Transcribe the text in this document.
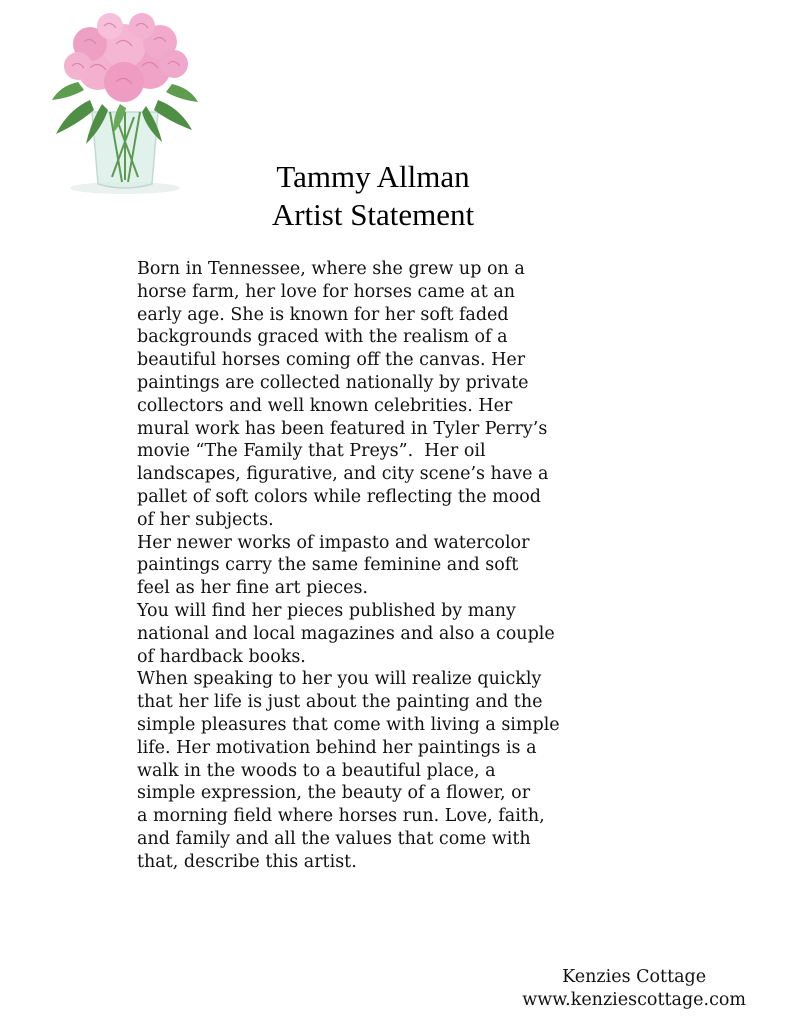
Tammy Allman
Artist Statement
Born in Tennessee, where she grew up on a
horse farm, her love for horses came at an
early age. She is known for her soft faded
backgrounds graced with the realism of a
beautiful horses coming off the canvas. Her
paintings are collected nationally by private
collectors and well known celebrities. Her
mural work has been featured in Tyler Perry’s
movie “The Family that Preys”.  Her oil
landscapes, figurative, and city scene’s have a
pallet of soft colors while reflecting the mood
of her subjects.
Her newer works of impasto and watercolor
paintings carry the same feminine and soft
feel as her fine art pieces.
You will find her pieces published by many
national and local magazines and also a couple
of hardback books.
When speaking to her you will realize quickly
that her life is just about the painting and the
simple pleasures that come with living a simple
life. Her motivation behind her paintings is a
walk in the woods to a beautiful place, a
simple expression, the beauty of a flower, or
a morning field where horses run. Love, faith,
and family and all the values that come with
that, describe this artist.
Kenzies Cottage
www.kenziescottage.com
